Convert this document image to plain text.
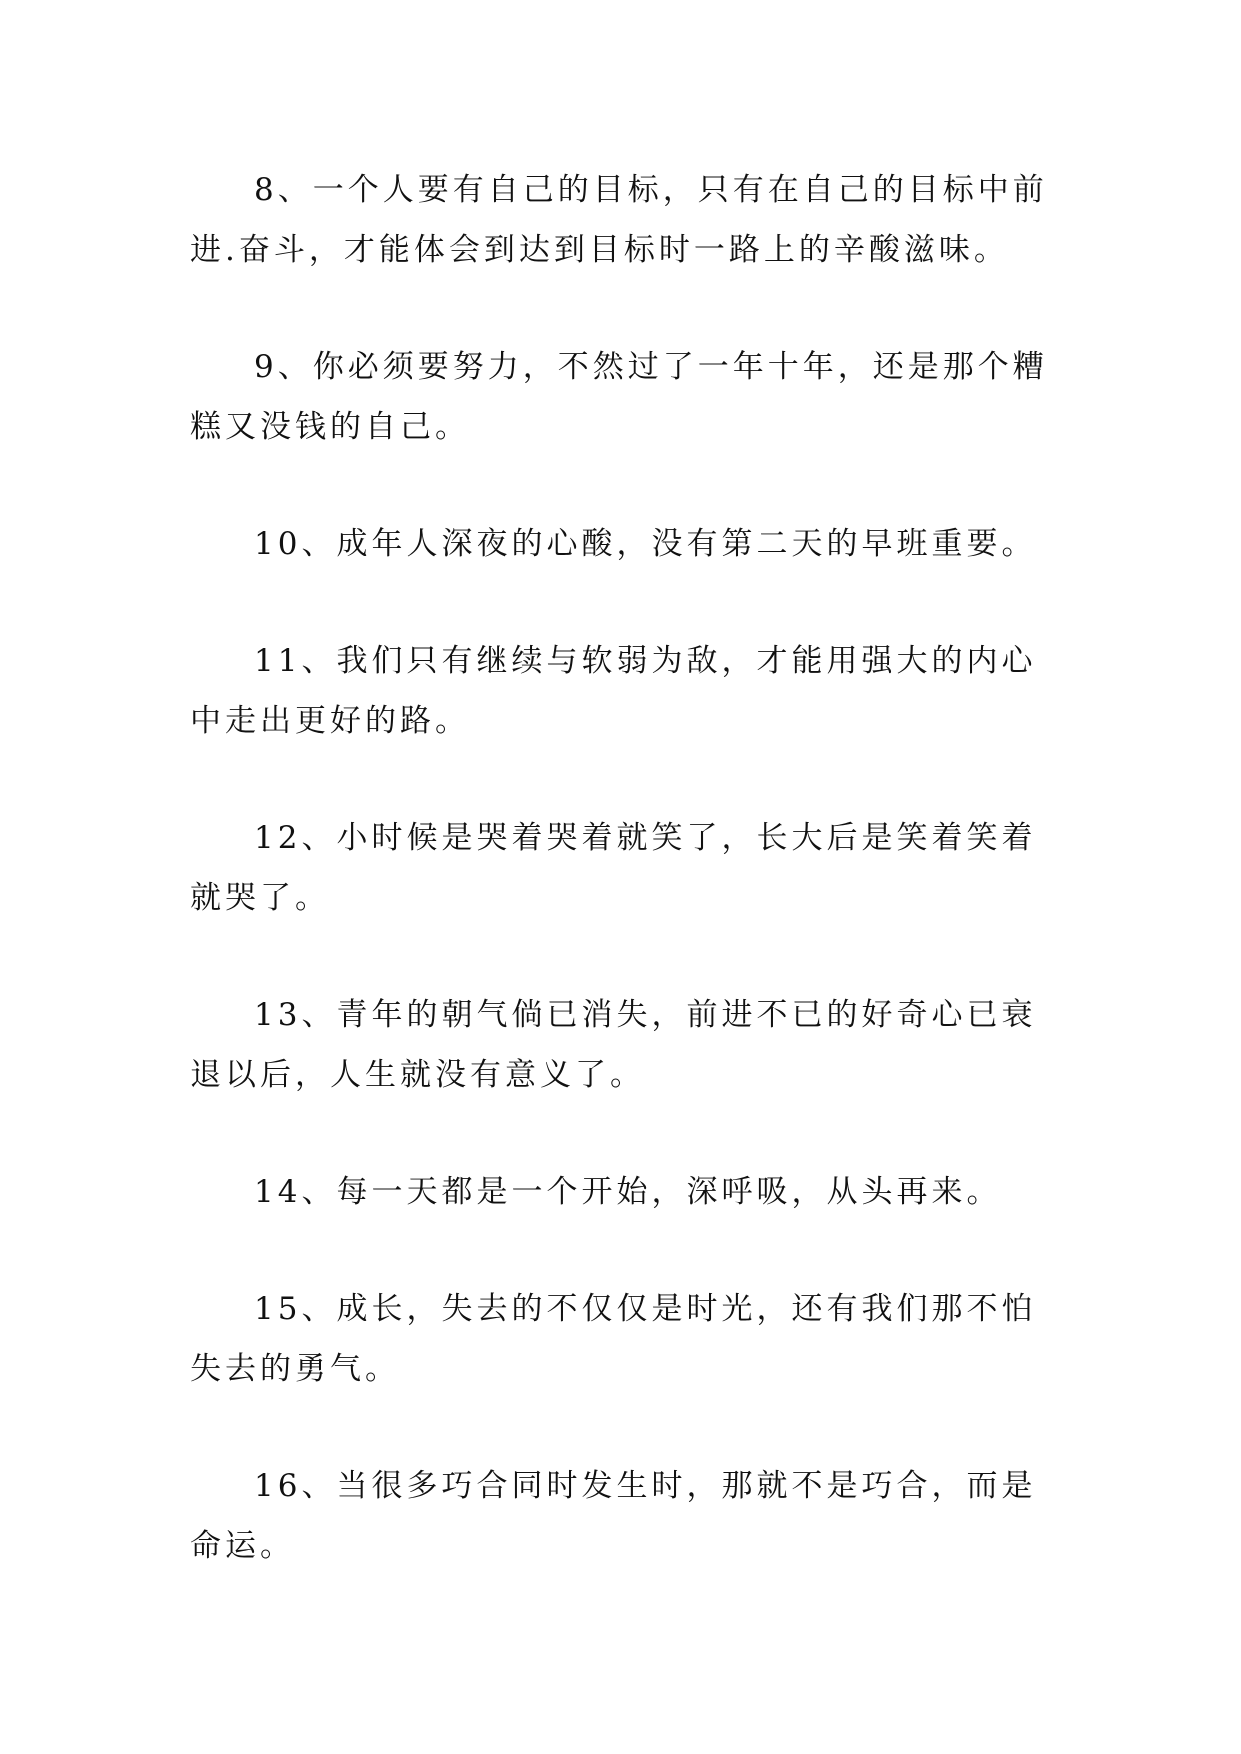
8、一个人要有自己的目标，只有在自己的目标中前进.奋斗，才能体会到达到目标时一路上的辛酸滋味。

9、你必须要努力，不然过了一年十年，还是那个糟糕又没钱的自己。

10、成年人深夜的心酸，没有第二天的早班重要。

11、我们只有继续与软弱为敌，才能用强大的内心中走出更好的路。

12、小时候是哭着哭着就笑了，长大后是笑着笑着就哭了。

13、青年的朝气倘已消失，前进不已的好奇心已衰退以后，人生就没有意义了。

14、每一天都是一个开始，深呼吸，从头再来。

15、成长，失去的不仅仅是时光，还有我们那不怕失去的勇气。

16、当很多巧合同时发生时，那就不是巧合，而是命运。
